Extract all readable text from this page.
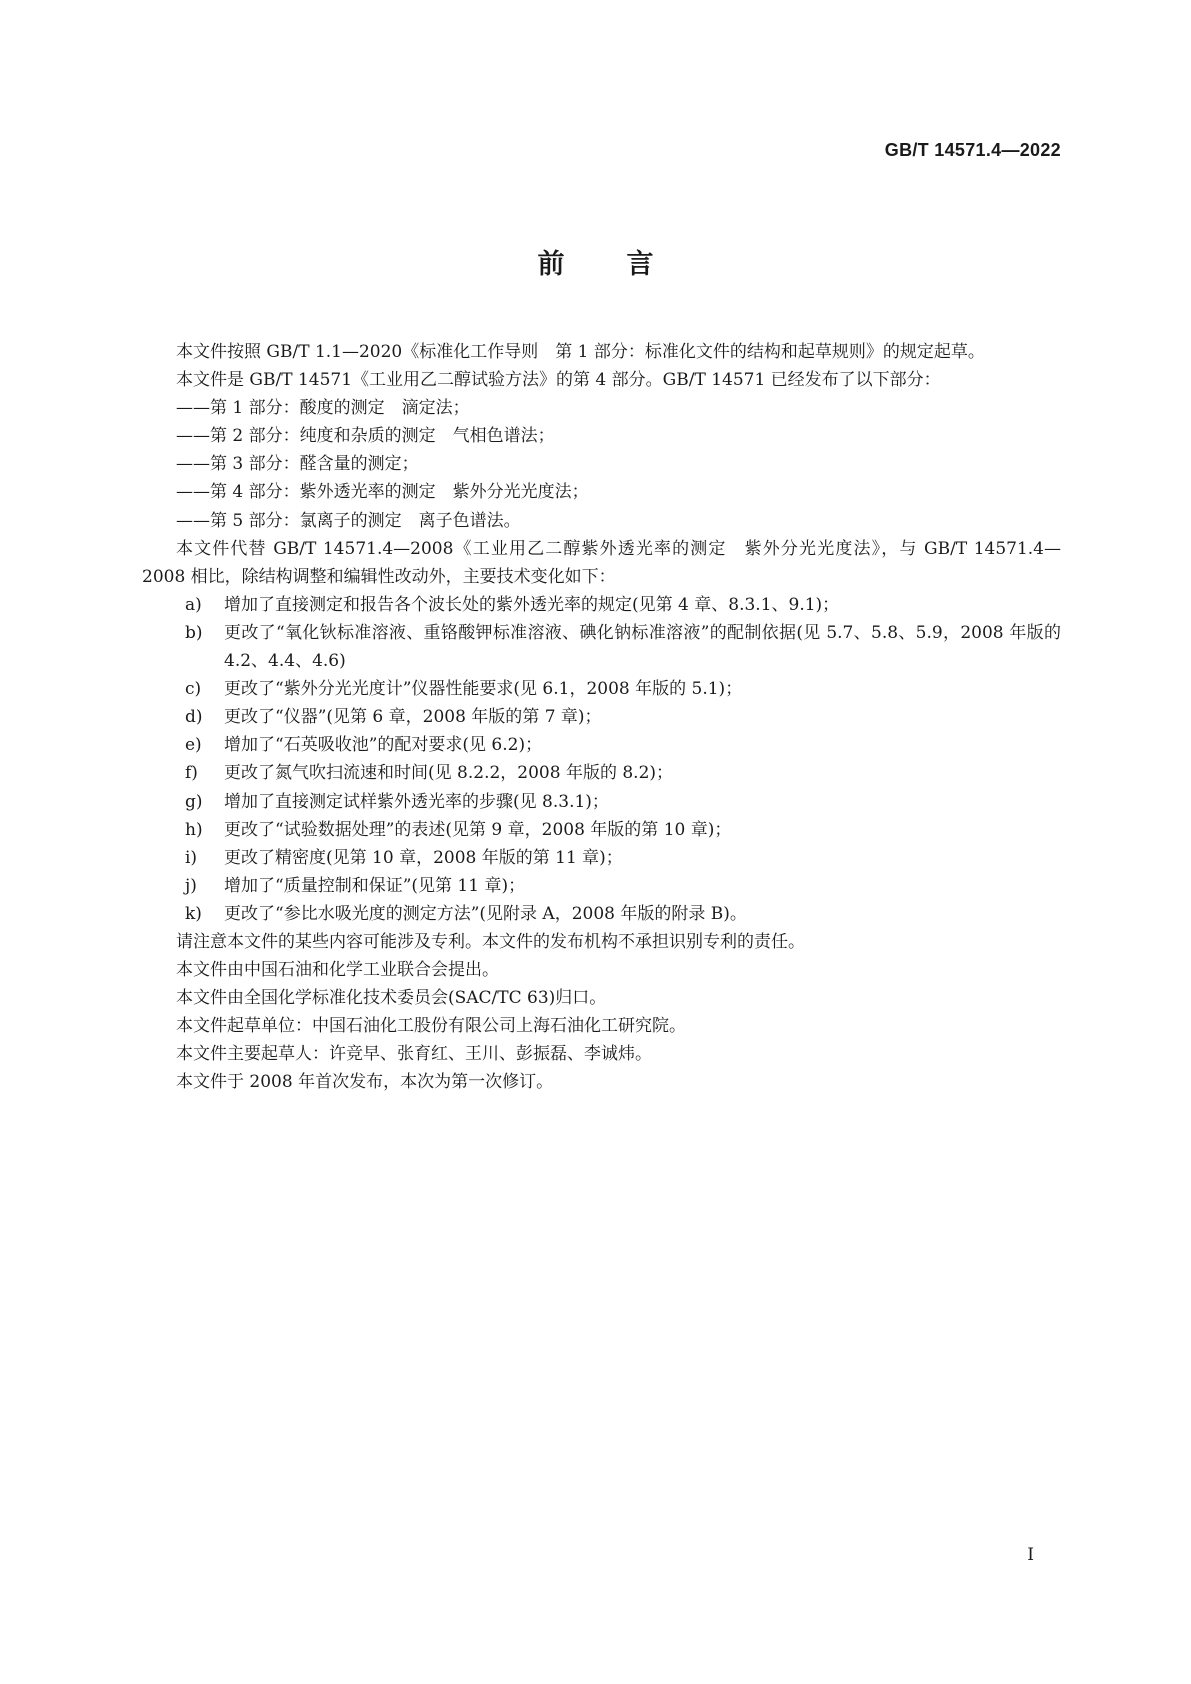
GB/T 14571.4—2022
前言

本文件按照 GB/T 1.1—2020《标准化工作导则　第 1 部分：标准化文件的结构和起草规则》的规定起草。

本文件是 GB/T 14571《工业用乙二醇试验方法》的第 4 部分。GB/T 14571 已经发布了以下部分：

——第 1 部分：酸度的测定　滴定法；
——第 2 部分：纯度和杂质的测定　气相色谱法；
——第 3 部分：醛含量的测定；
——第 4 部分：紫外透光率的测定　紫外分光光度法；
——第 5 部分：氯离子的测定　离子色谱法。

本文件代替 GB/T 14571.4—2008《工业用乙二醇紫外透光率的测定　紫外分光光度法》，与 GB/T 14571.4—2008 相比，除结构调整和编辑性改动外，主要技术变化如下：

a) 增加了直接测定和报告各个波长处的紫外透光率的规定(见第 4 章、8.3.1、9.1)；
b) 更改了“氧化钬标准溶液、重铬酸钾标准溶液、碘化钠标准溶液”的配制依据(见 5.7、5.8、5.9，2008 年版的 4.2、4.4、4.6)
c) 更改了“紫外分光光度计”仪器性能要求(见 6.1，2008 年版的 5.1)；
d) 更改了“仪器”(见第 6 章，2008 年版的第 7 章)；
e) 增加了“石英吸收池”的配对要求(见 6.2)；
f) 更改了氮气吹扫流速和时间(见 8.2.2，2008 年版的 8.2)；
g) 增加了直接测定试样紫外透光率的步骤(见 8.3.1)；
h) 更改了“试验数据处理”的表述(见第 9 章，2008 年版的第 10 章)；
i) 更改了精密度(见第 10 章，2008 年版的第 11 章)；
j) 增加了“质量控制和保证”(见第 11 章)；
k) 更改了“参比水吸光度的测定方法”(见附录 A，2008 年版的附录 B)。

请注意本文件的某些内容可能涉及专利。本文件的发布机构不承担识别专利的责任。

本文件由中国石油和化学工业联合会提出。

本文件由全国化学标准化技术委员会(SAC/TC 63)归口。

本文件起草单位：中国石油化工股份有限公司上海石油化工研究院。

本文件主要起草人：许竞早、张育红、王川、彭振磊、李诚炜。

本文件于 2008 年首次发布，本次为第一次修订。

I
